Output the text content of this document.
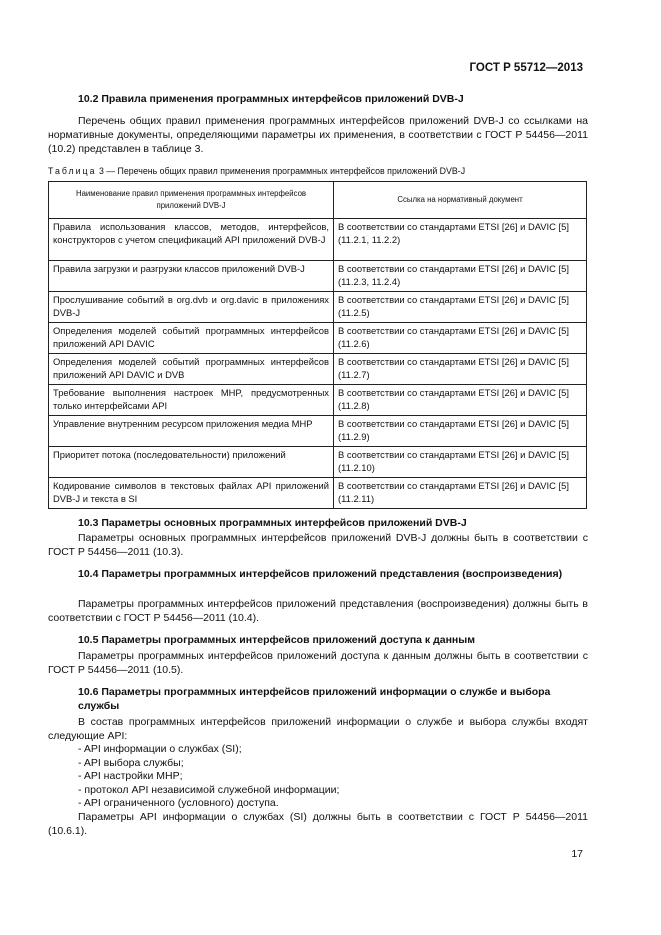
ГОСТ Р 55712—2013
10.2 Правила применения программных интерфейсов приложений DVB-J
Перечень общих правил применения программных интерфейсов приложений DVB-J со ссылками на нормативные документы, определяющими параметры их применения, в соответствии с ГОСТ Р 54456—2011 (10.2) представлен в таблице 3.
Таблица 3 — Перечень общих правил применения программных интерфейсов приложений DVB-J
Наименование правил применения программных интерфейсов приложений DVB-J	Ссылка на нормативный документ
Правила использования классов, методов, интерфейсов, конструкторов с учетом спецификаций API приложений DVB-J	В соответствии со стандартами ETSI [26] и DAVIC [5] (11.2.1, 11.2.2)
Правила загрузки и разгрузки классов приложений DVB-J	В соответствии со стандартами ETSI [26] и DAVIC [5] (11.2.3, 11.2.4)
Прослушивание событий в org.dvb и org.davic в приложениях DVB-J	В соответствии со стандартами ETSI [26] и DAVIC [5] (11.2.5)
Определения моделей событий программных интерфейсов приложений API DAVIC	В соответствии со стандартами ETSI [26] и DAVIC [5] (11.2.6)
Определения моделей событий программных интерфейсов приложений API DAVIC и DVB	В соответствии со стандартами ETSI [26] и DAVIC [5] (11.2.7)
Требование выполнения настроек MHP, предусмотренных только интерфейсами API	В соответствии со стандартами ETSI [26] и DAVIC [5] (11.2.8)
Управление внутренним ресурсом приложения медиа MHP	В соответствии со стандартами ETSI [26] и DAVIC [5] (11.2.9)
Приоритет потока (последовательности) приложений	В соответствии со стандартами ETSI [26] и DAVIC [5] (11.2.10)
Кодирование символов в текстовых файлах API приложений DVB-J и текста в SI	В соответствии со стандартами ETSI [26] и DAVIC [5] (11.2.11)
10.3 Параметры основных программных интерфейсов приложений DVB-J
Параметры основных программных интерфейсов приложений DVB-J должны быть в соответствии с ГОСТ Р 54456—2011 (10.3).
10.4 Параметры программных интерфейсов приложений представления (воспроизведения)
Параметры программных интерфейсов приложений представления (воспроизведения) должны быть в соответствии с ГОСТ Р 54456—2011 (10.4).
10.5 Параметры программных интерфейсов приложений доступа к данным
Параметры программных интерфейсов приложений доступа к данным должны быть в соответствии с ГОСТ Р 54456—2011 (10.5).
10.6 Параметры программных интерфейсов приложений информации о службе и выбора службы
В состав программных интерфейсов приложений информации о службе и выбора службы входят следующие API:
- API информации о службах (SI);
- API выбора службы;
- API настройки MHP;
- протокол API независимой служебной информации;
- API ограниченного (условного) доступа.
Параметры API информации о службах (SI) должны быть в соответствии с ГОСТ Р 54456—2011 (10.6.1).
17
